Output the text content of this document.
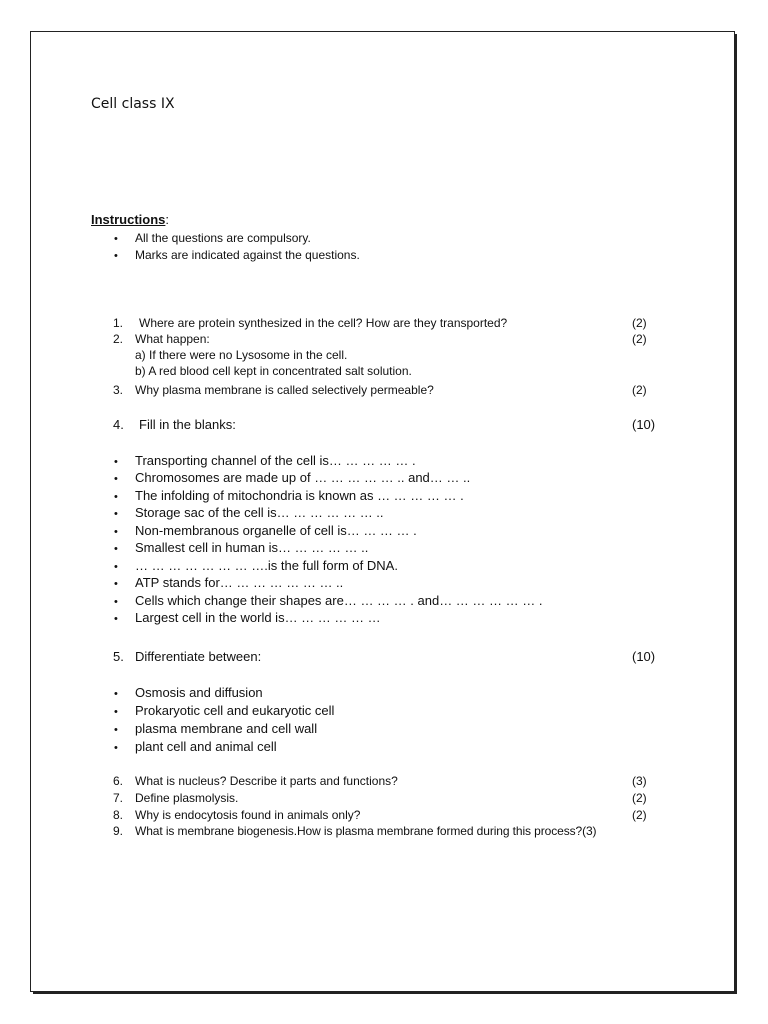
Cell class IX
Instructions:
• All the questions are compulsory.
• Marks are indicated against the questions.
1. Where are protein synthesized in the cell? How are they transported?	(2)
2. What happen:	(2)
a) If there were no Lysosome in the cell.
b) A red blood cell kept in concentrated salt solution.
3. Why plasma membrane is called selectively permeable?	(2)
4. Fill in the blanks:	(10)
• Transporting channel of the cell is… … … … … .
• Chromosomes are made up of … … … … … .. and… … ..
• The infolding of mitochondria is known as … … … … … .
• Storage sac of the cell is… … … … … … ..
• Non-membranous organelle of cell is… … … … .
• Smallest cell in human is… … … … … ..
• … … … … … … … ….is the full form of DNA.
• ATP stands for… … … … … … … ..
• Cells which change their shapes are… … … … . and… … … … … … .
• Largest cell in the world is… … … … … …
5. Differentiate between:	(10)
• Osmosis and diffusion
• Prokaryotic cell and eukaryotic cell
• plasma membrane and cell wall
• plant cell and animal cell
6. What is nucleus? Describe it parts and functions?	(3)
7. Define plasmolysis.	(2)
8. Why is endocytosis found in animals only?	(2)
9. What is membrane biogenesis.How is plasma membrane formed during this process?(3)
